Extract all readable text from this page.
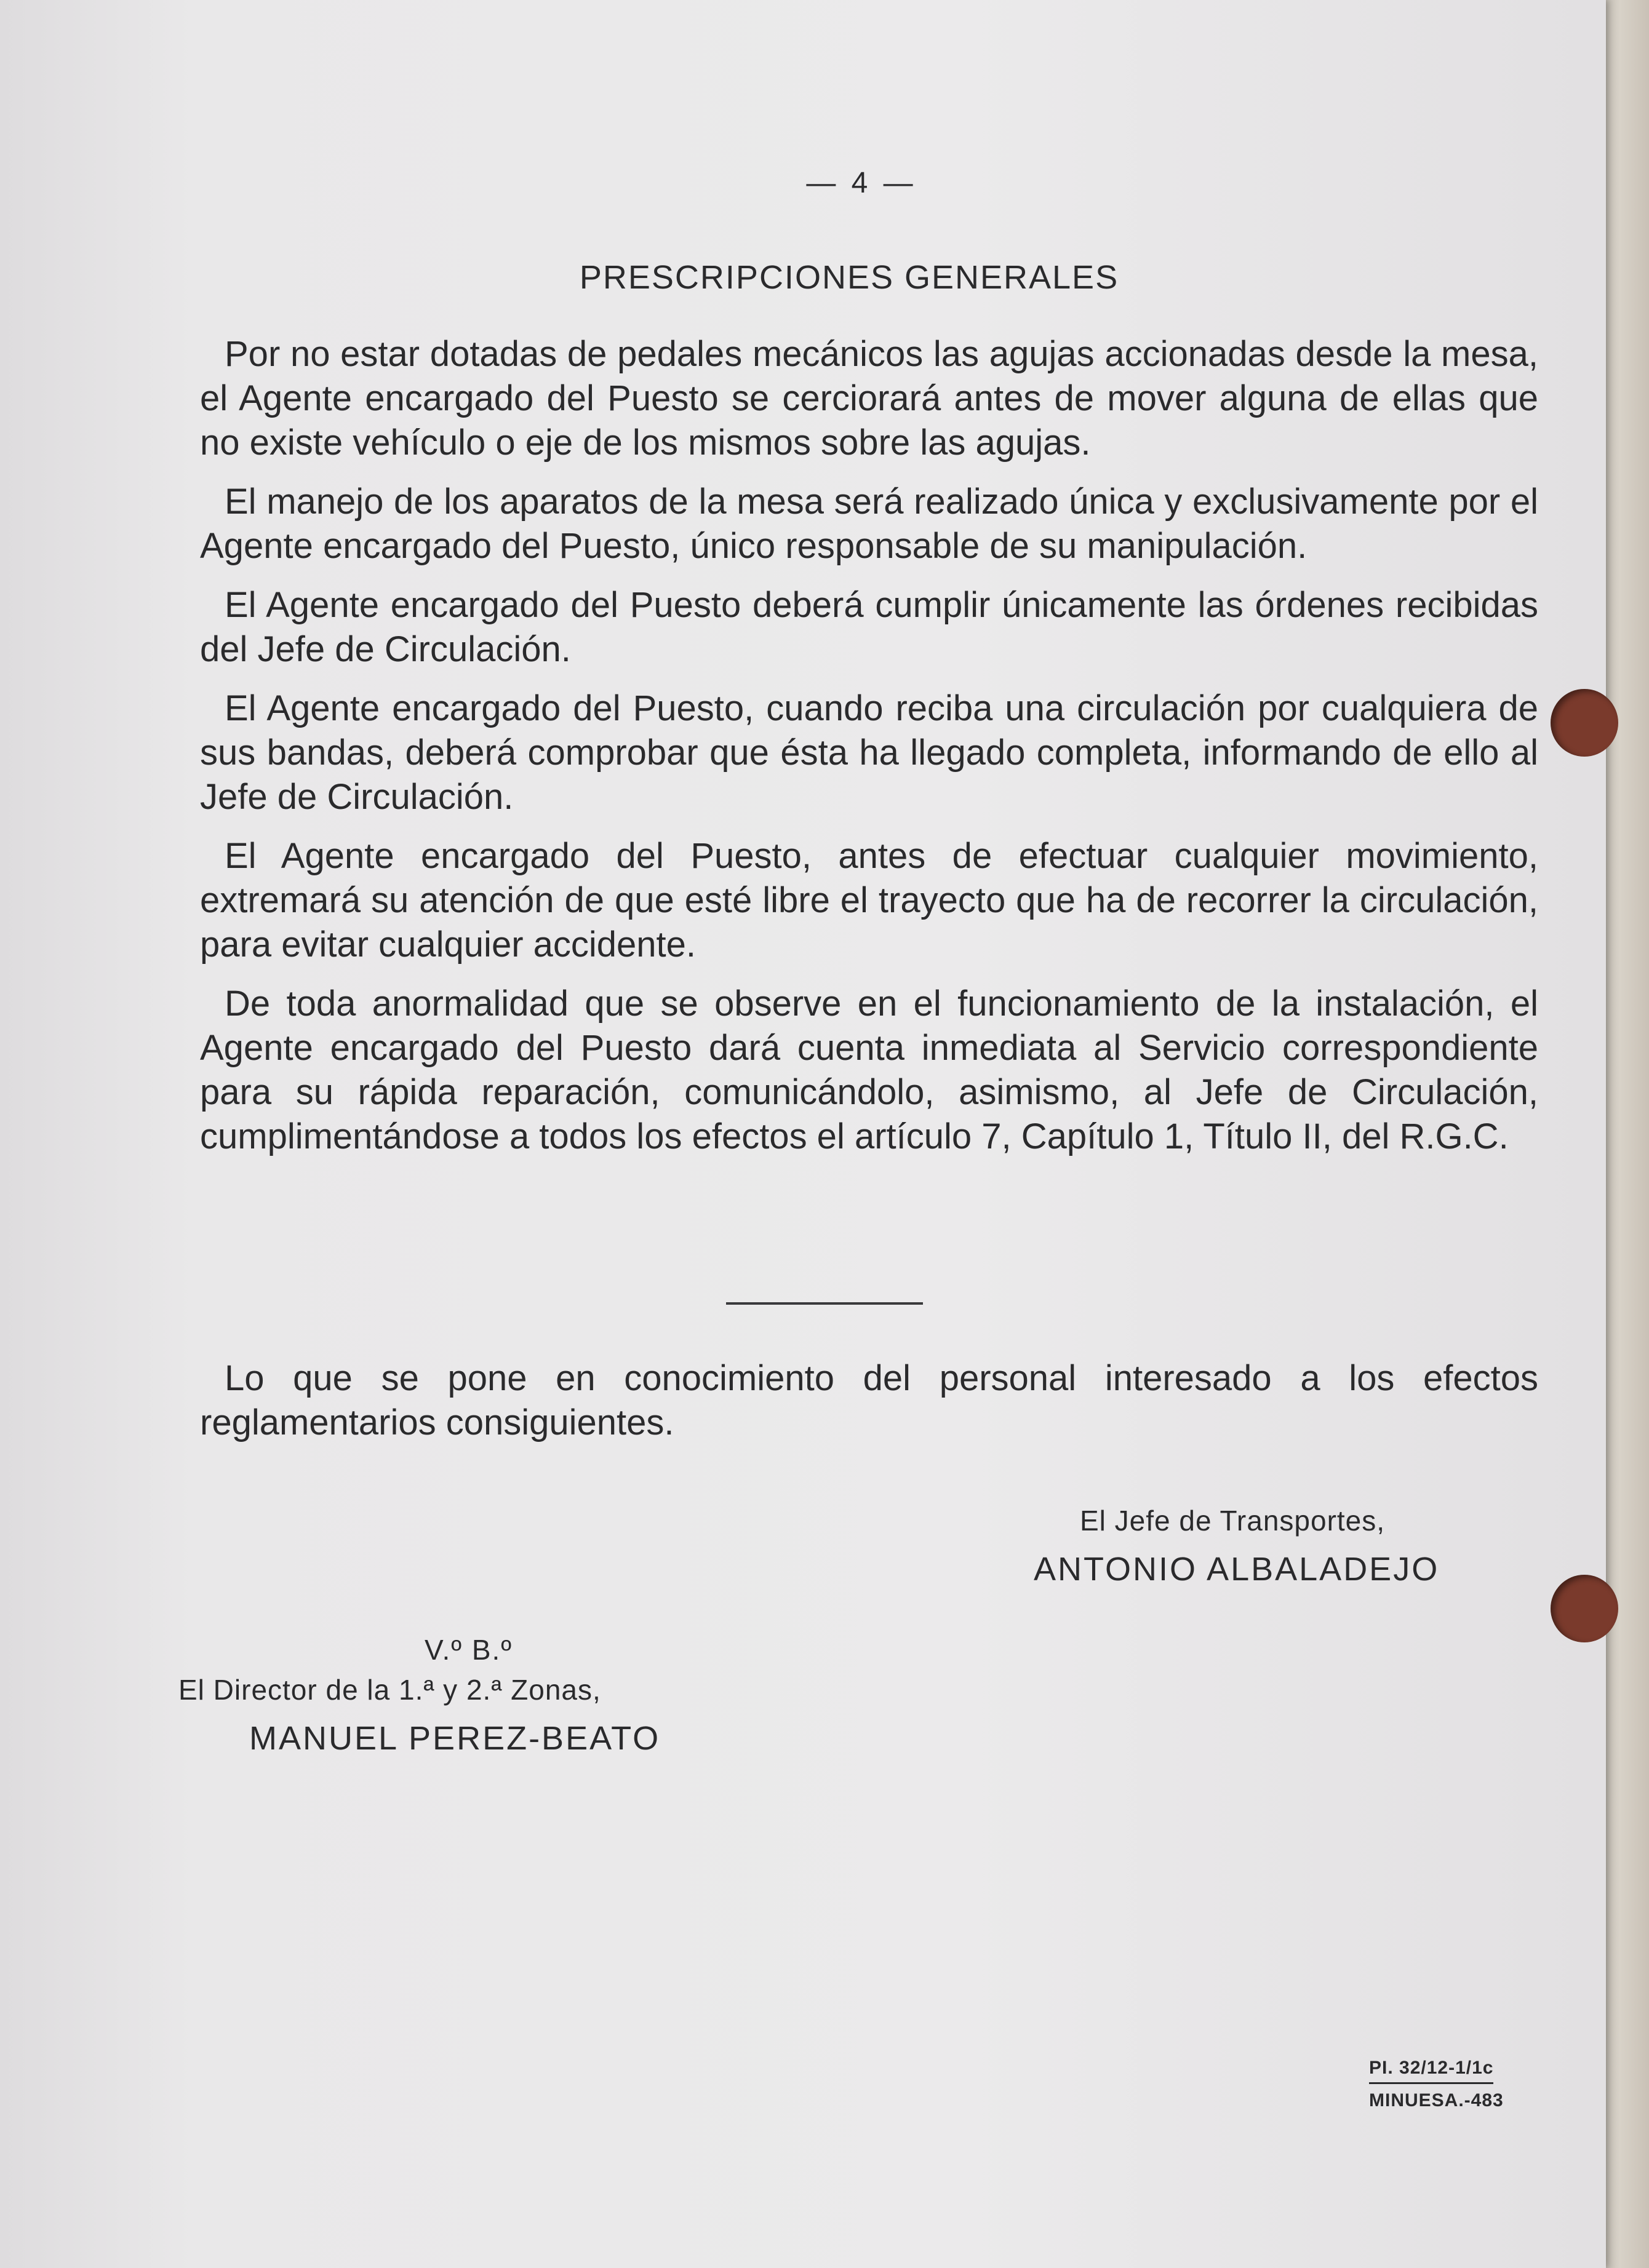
— 4 —
PRESCRIPCIONES GENERALES

Por no estar dotadas de pedales mecánicos las agujas accionadas desde la mesa, el Agente encargado del Puesto se cerciorará antes de mover alguna de ellas que no existe vehículo o eje de los mismos sobre las agujas.

El manejo de los aparatos de la mesa será realizado única y exclusivamente por el Agente encargado del Puesto, único responsable de su manipulación.

El Agente encargado del Puesto deberá cumplir únicamente las órdenes recibidas del Jefe de Circulación.

El Agente encargado del Puesto, cuando reciba una circulación por cualquiera de sus bandas, deberá comprobar que ésta ha llegado completa, informando de ello al Jefe de Circulación.

El Agente encargado del Puesto, antes de efectuar cualquier movimiento, extremará su atención de que esté libre el trayecto que ha de recorrer la circulación, para evitar cualquier accidente.

De toda anormalidad que se observe en el funcionamiento de la instalación, el Agente encargado del Puesto dará cuenta inmediata al Servicio correspondiente para su rápida reparación, comunicándolo, asimismo, al Jefe de Circulación, cumplimentándose a todos los efectos el artículo 7, Capítulo 1, Título II, del R.G.C.

Lo que se pone en conocimiento del personal interesado a los efectos reglamentarios consiguientes.

El Jefe de Transportes,
ANTONIO ALBALADEJO
V.º B.º
El Director de la 1.ª y 2.ª Zonas,
MANUEL PEREZ-BEATO
PI. 32/12-1/1c
MINUESA.-483
